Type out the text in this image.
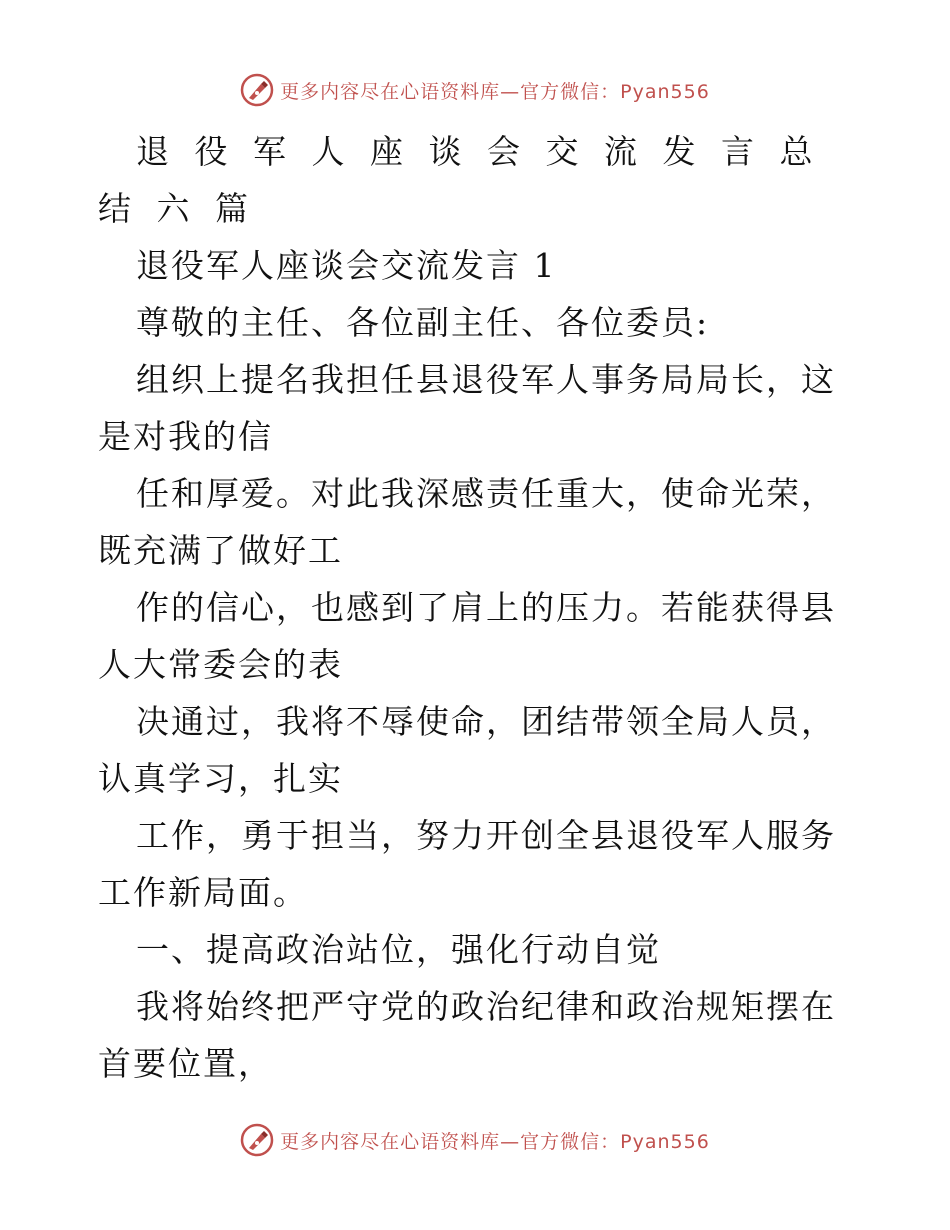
更多内容尽在心语资料库—官方微信：Pyan556

退役军人座谈会交流发言总结六篇

退役军人座谈会交流发言 1

尊敬的主任、各位副主任、各位委员:

组织上提名我担任县退役军人事务局局长，这是对我的信

任和厚爱。对此我深感责任重大，使命光荣，既充满了做好工

作的信心，也感到了肩上的压力。若能获得县人大常委会的表

决通过，我将不辱使命，团结带领全局人员，认真学习，扎实

工作，勇于担当，努力开创全县退役军人服务工作新局面。

一、提高政治站位，强化行动自觉

我将始终把严守党的政治纪律和政治规矩摆在首要位置，

更多内容尽在心语资料库—官方微信：Pyan556
